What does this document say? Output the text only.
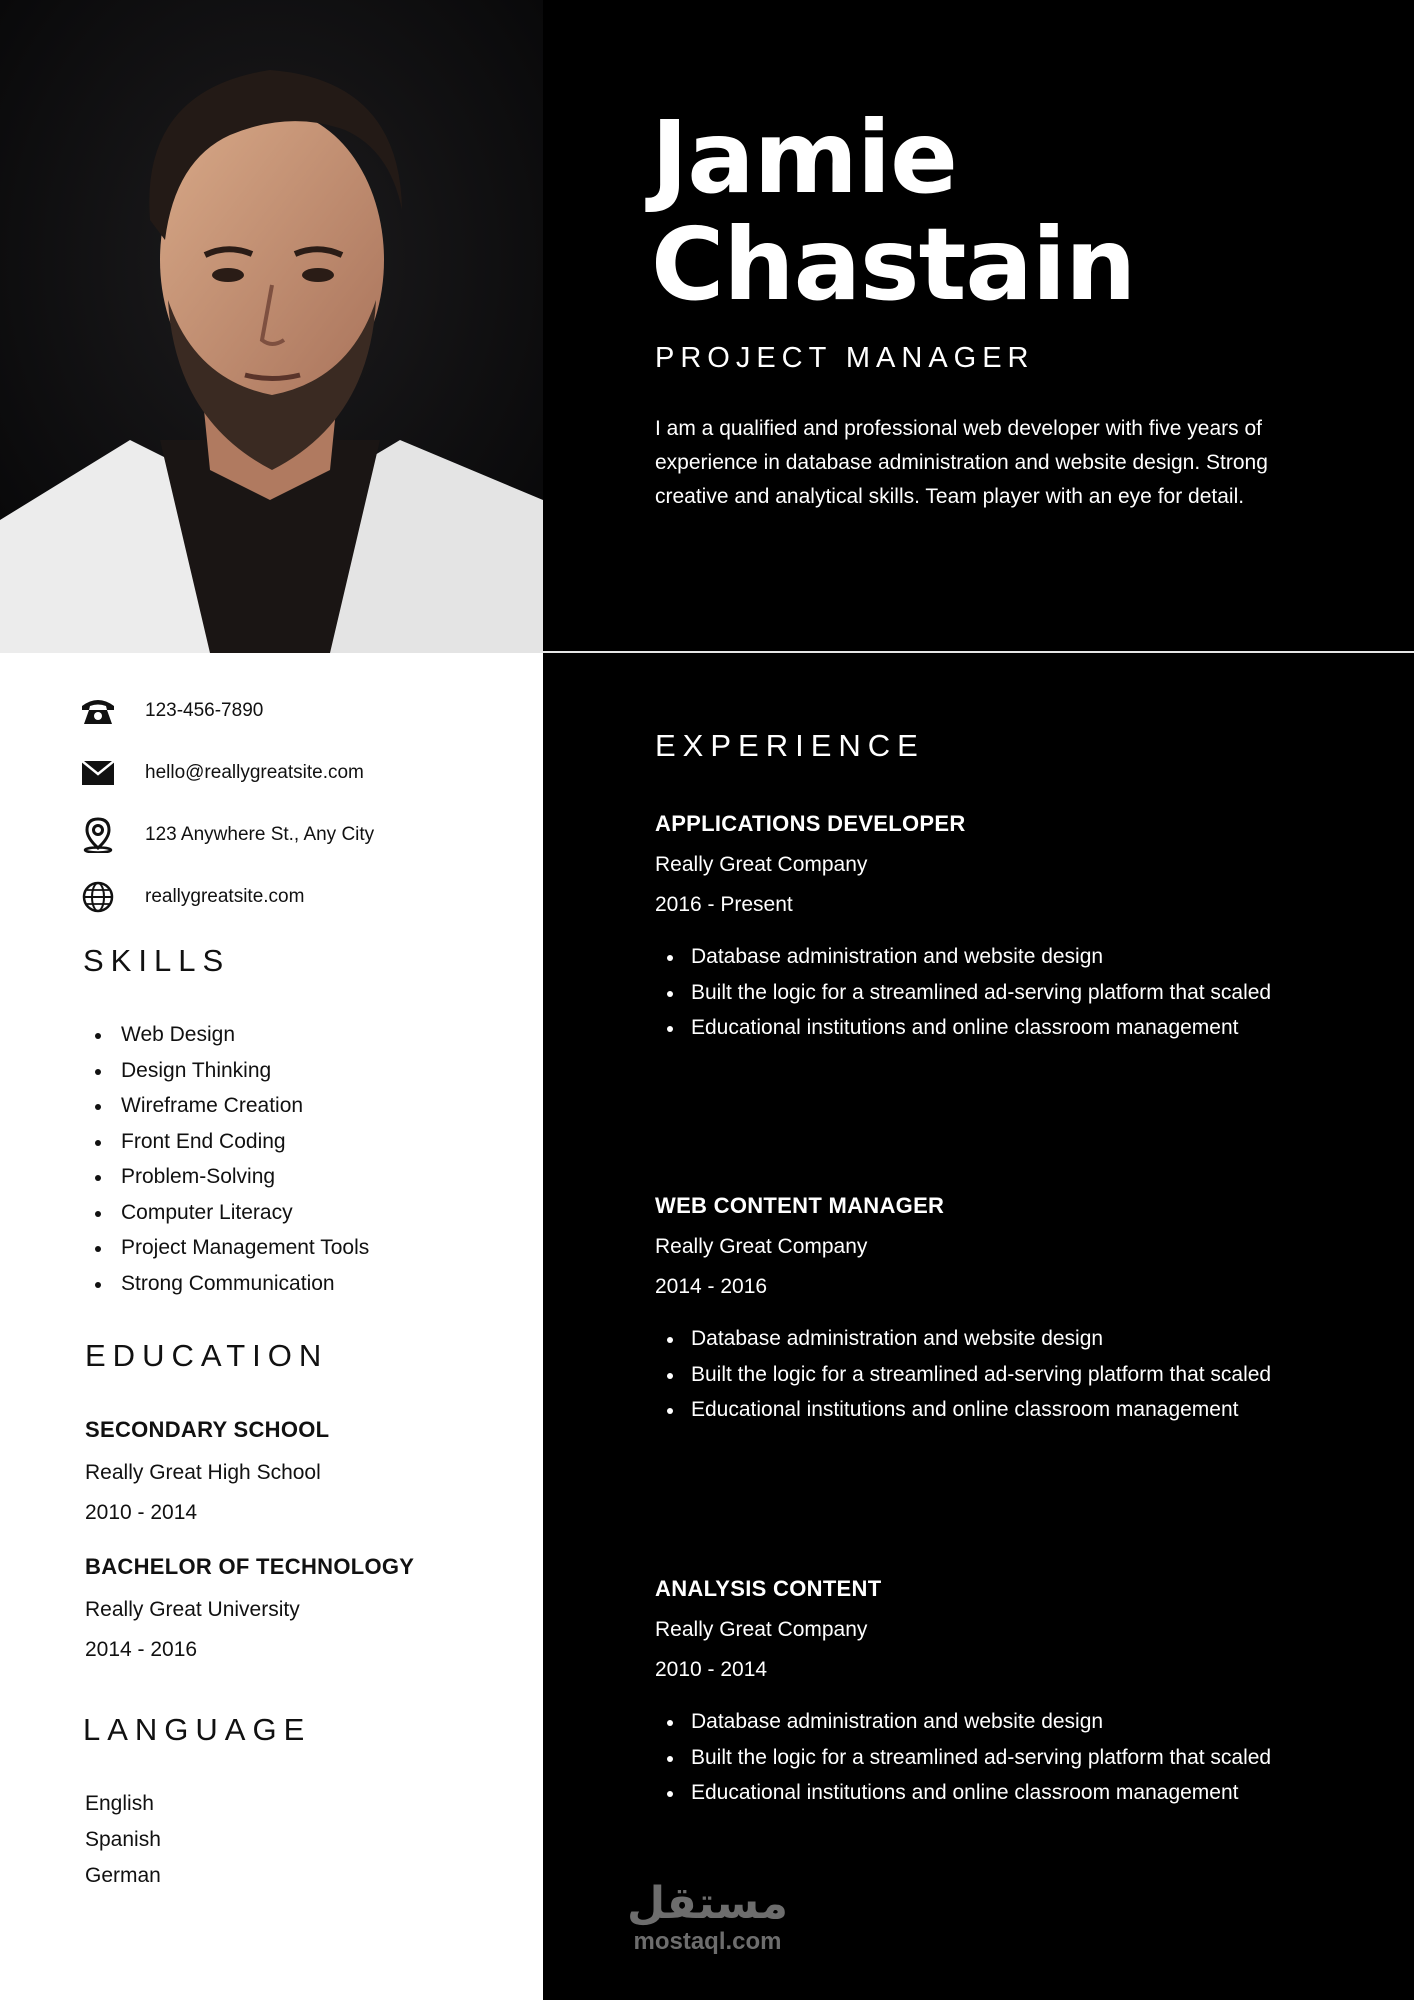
Jamie
Chastain
PROJECT MANAGER

I am a qualified and professional web developer with five years of experience in database administration and website design. Strong creative and analytical skills. Team player with an eye for detail.

123-456-7890
hello@reallygreatsite.com
123 Anywhere St., Any City
reallygreatsite.com
SKILLS
Web Design
Design Thinking
Wireframe Creation
Front End Coding
Problem-Solving
Computer Literacy
Project Management Tools
Strong Communication
EDUCATION
SECONDARY SCHOOL
Really Great High School
2010 - 2014
BACHELOR OF TECHNOLOGY
Really Great University
2014 - 2016
LANGUAGE
English
Spanish
German
EXPERIENCE
APPLICATIONS DEVELOPER
Really Great Company
2016 - Present
Database administration and website design
Built the logic for a streamlined ad-serving platform that scaled
Educational institutions and online classroom management
WEB CONTENT MANAGER
Really Great Company
2014 - 2016
Database administration and website design
Built the logic for a streamlined ad-serving platform that scaled
Educational institutions and online classroom management
ANALYSIS CONTENT
Really Great Company
2010 - 2014
Database administration and website design
Built the logic for a streamlined ad-serving platform that scaled
Educational institutions and online classroom management
مستقل
mostaql.com
